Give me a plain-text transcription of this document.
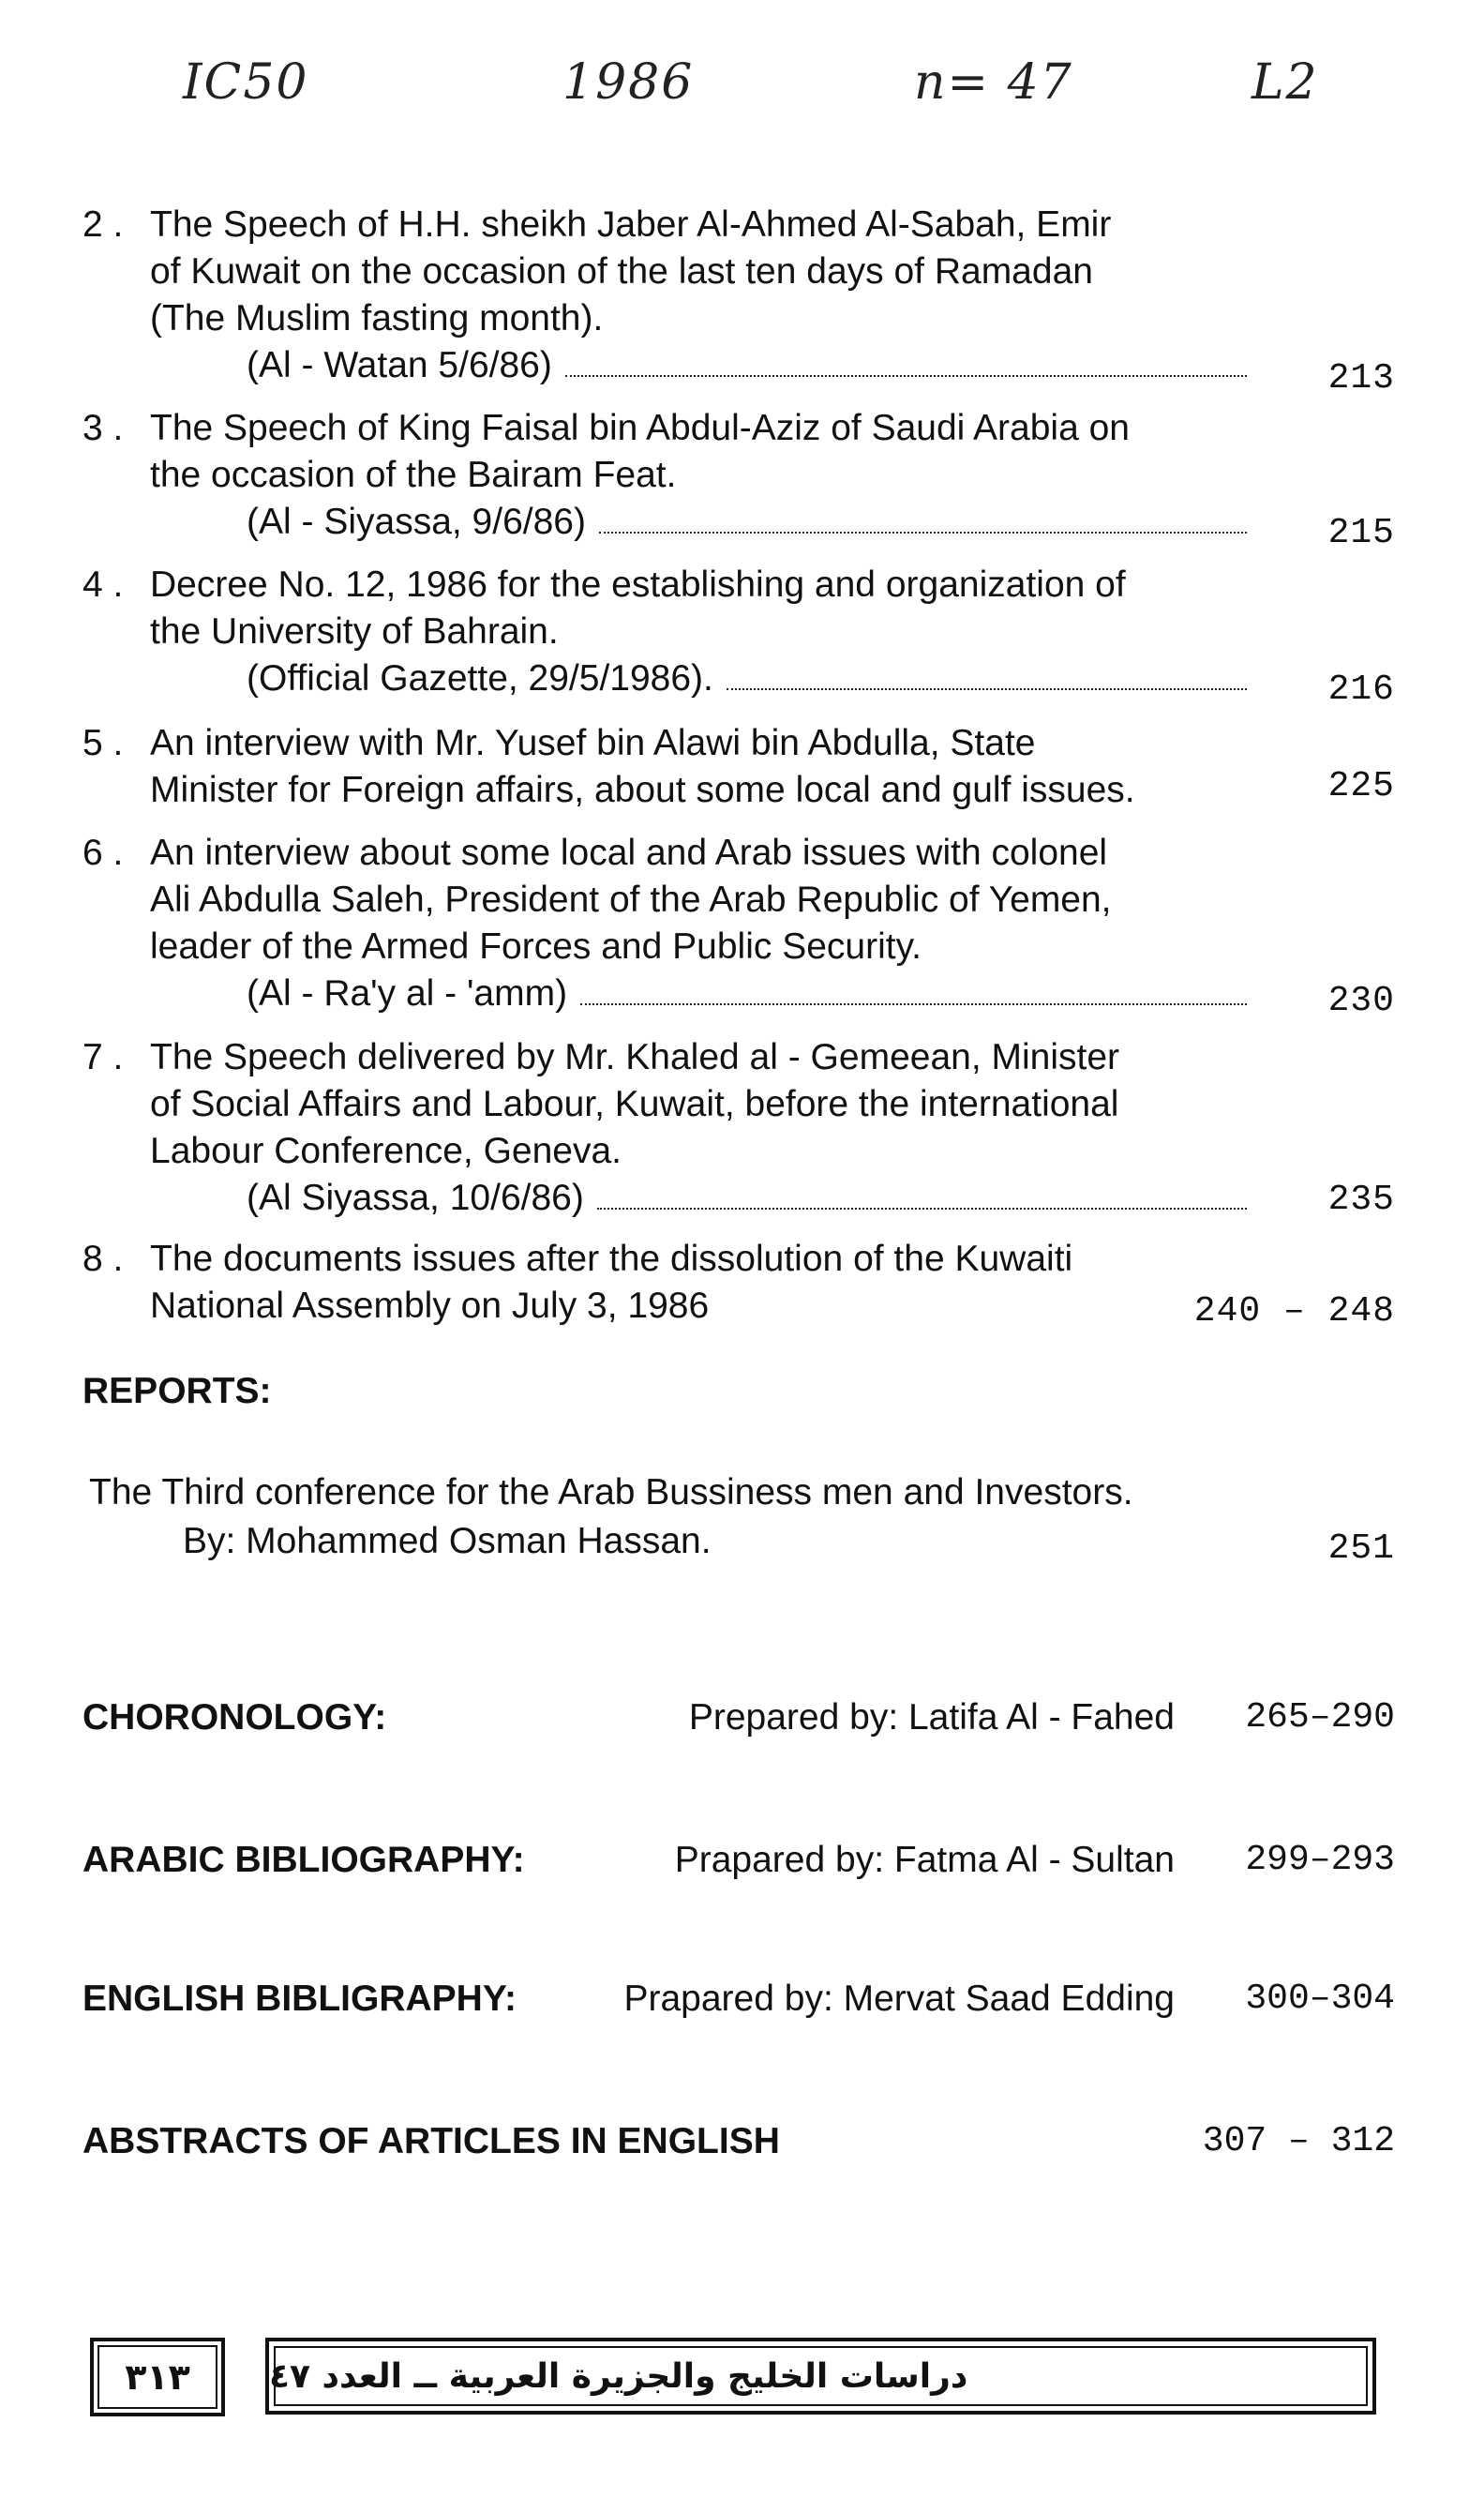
IC50	1986	n= 47	L2
2 . The Speech of H.H. sheikh Jaber Al-Ahmed Al-Sabah, Emir
of Kuwait on the occasion of the last ten days of Ramadan
(The Muslim fasting month).
(Al - Watan 5/6/86)	213
3 . The Speech of King Faisal bin Abdul-Aziz of Saudi Arabia on
the occasion of the Bairam Feat.
(Al - Siyassa, 9/6/86)	215
4 . Decree No. 12, 1986 for the establishing and organization of
the University of Bahrain.
(Official Gazette, 29/5/1986).	216
5 . An interview with Mr. Yusef bin Alawi bin Abdulla, State
Minister for Foreign affairs, about some local and gulf issues.	225
6 . An interview about some local and Arab issues with colonel
Ali Abdulla Saleh, President of the Arab Republic of Yemen,
leader of the Armed Forces and Public Security.
(Al - Ra'y al - 'amm)	230
7 . The Speech delivered by Mr. Khaled al - Gemeean, Minister
of Social Affairs and Labour, Kuwait, before the international
Labour Conference, Geneva.
(Al Siyassa, 10/6/86)	235
8 . The documents issues after the dissolution of the Kuwaiti
National Assembly on July 3, 1986	240 – 248
REPORTS:
The Third conference for the Arab Bussiness men and Investors.
By: Mohammed Osman Hassan.	251
CHORONOLOGY:	Prepared by: Latifa Al - Fahed 265–290
ARABIC BIBLIOGRAPHY:	Prapared by: Fatma Al - Sultan 299–293
ENGLISH BIBLIGRAPHY:	Prapared by: Mervat Saad Edding 300–304
ABSTRACTS OF ARTICLES IN ENGLISH	307 – 312
٣١٣	دراسات الخليج والجزيرة العربية ــ العدد ٤٧
